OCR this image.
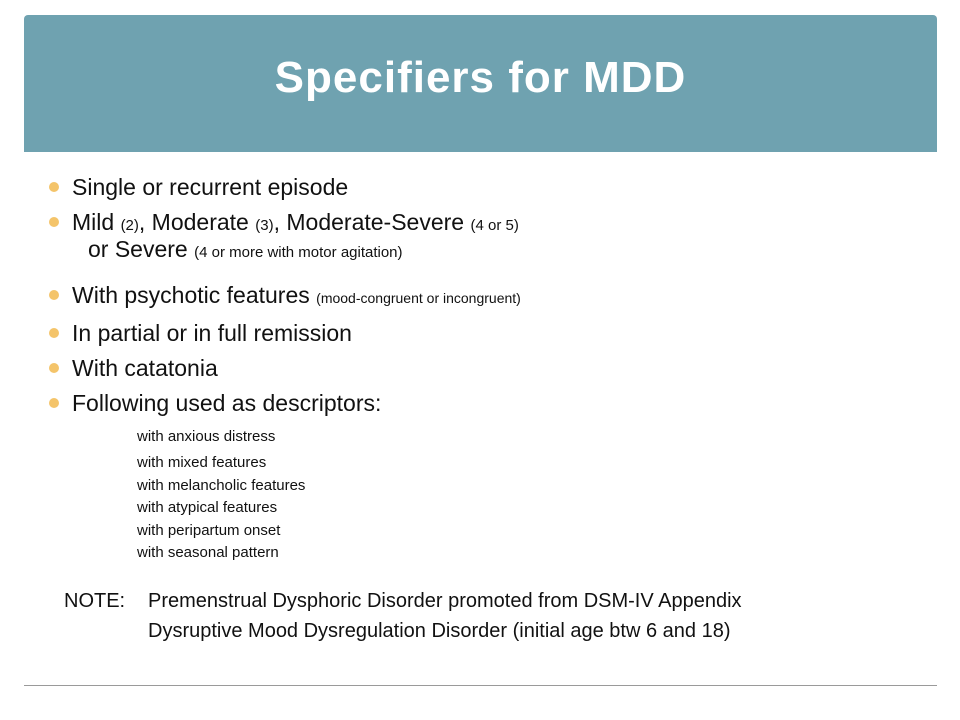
Specifiers for MDD
Single or recurrent episode
Mild (2), Moderate (3), Moderate-Severe (4 or 5)
With psychotic features (mood-congruent or incongruent)
In partial or in full remission
With catatonia
Following used as descriptors:
or Severe (4 or more with motor agitation)
with anxious distress
with mixed features
with melancholic features
with atypical features
with peripartum onset
with seasonal pattern
NOTE: Premenstrual Dysphoric Disorder promoted from DSM-IV Appendix
Dysruptive Mood Dysregulation Disorder (initial age btw 6 and 18)
